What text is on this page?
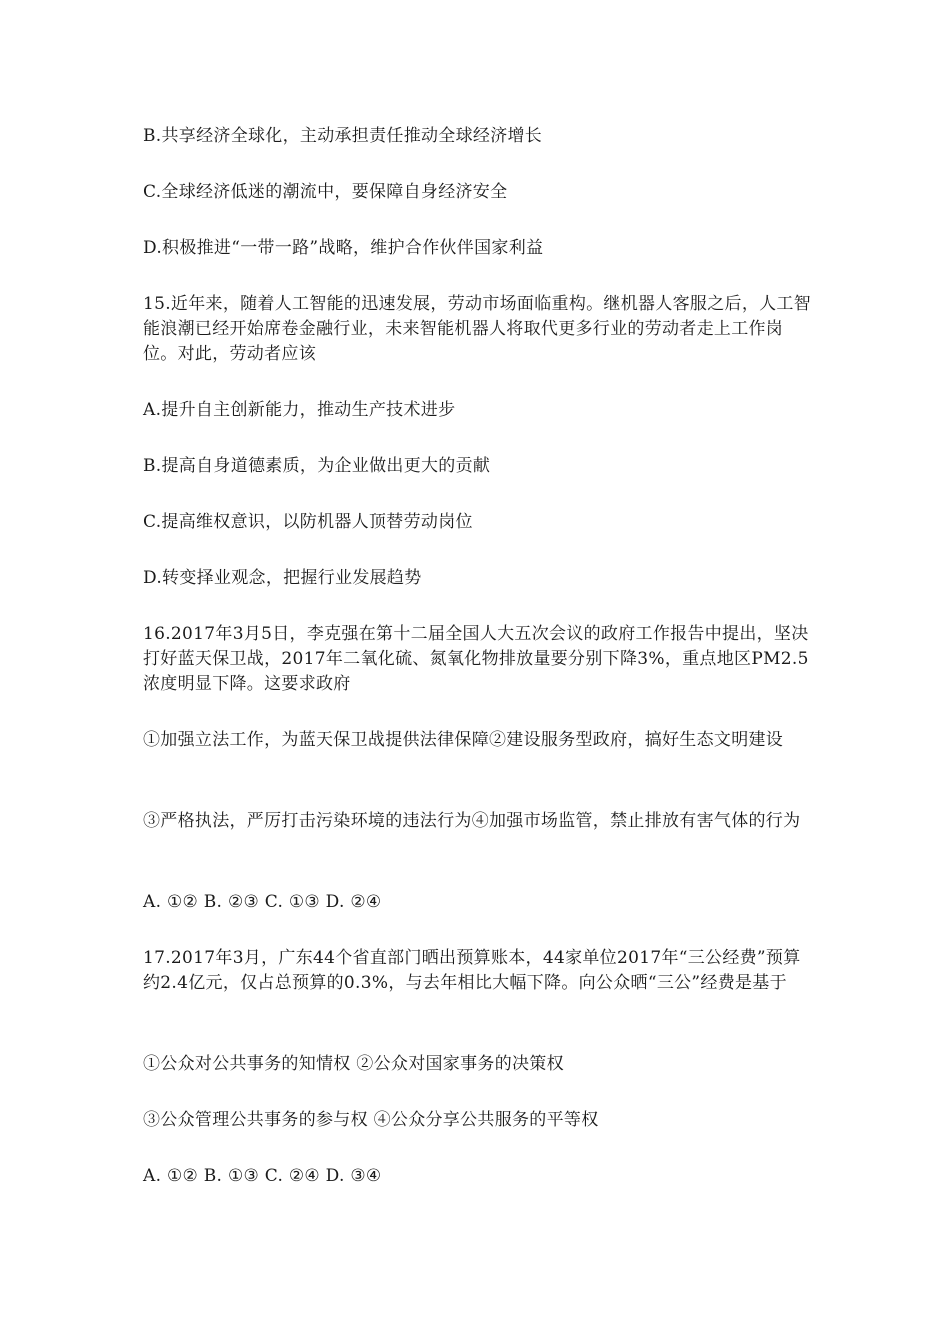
B.共享经济全球化，主动承担责任推动全球经济增长

C.全球经济低迷的潮流中，要保障自身经济安全

D.积极推进“一带一路”战略，维护合作伙伴国家利益

15.近年来，随着人工智能的迅速发展，劳动市场面临重构。继机器人客服之后，人工智能浪潮已经开始席卷金融行业，未来智能机器人将取代更多行业的劳动者走上工作岗位。对此，劳动者应该

A.提升自主创新能力，推动生产技术进步

B.提高自身道德素质，为企业做出更大的贡献

C.提高维权意识，以防机器人顶替劳动岗位

D.转变择业观念，把握行业发展趋势

16.2017年3月5日，李克强在第十二届全国人大五次会议的政府工作报告中提出，坚决打好蓝天保卫战，2017年二氧化硫、氮氧化物排放量要分别下降3%，重点地区PM2.5浓度明显下降。这要求政府

①加强立法工作，为蓝天保卫战提供法律保障②建设服务型政府，搞好生态文明建设

③严格执法，严厉打击污染环境的违法行为④加强市场监管，禁止排放有害气体的行为

A. ①② B. ②③ C. ①③ D. ②④

17.2017年3月，广东44个省直部门晒出预算账本，44家单位2017年“三公经费”预算约2.4亿元，仅占总预算的0.3%，与去年相比大幅下降。向公众晒“三公”经费是基于

①公众对公共事务的知情权 ②公众对国家事务的决策权

③公众管理公共事务的参与权 ④公众分享公共服务的平等权

A. ①② B. ①③ C. ②④ D. ③④
